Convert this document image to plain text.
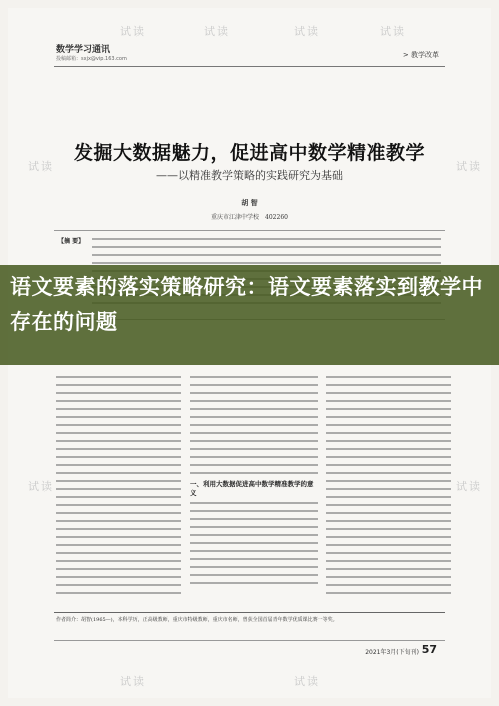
试读	试读	试读	试读
试读	试读
试读	试读
试读	试读
数学学习通讯
投稿邮箱：sxjx@vip.163.com	> 教学改革
发掘大数据魅力，促进高中数学精准教学
——以精准教学策略的实践研究为基础
胡 智
重庆市江津中学校　402260
【摘 要】
一、利用大数据促进高中数学精准教学的意义
作者简介：胡智(1965—)，本科学历，正高级教师，重庆市特级教师，重庆市名师，曾获全国首届青年数学优质课比赛一等奖。
2021年3月(下旬刊) 57
语文要素的落实策略研究：语文要素落实到教学中存在的问题
